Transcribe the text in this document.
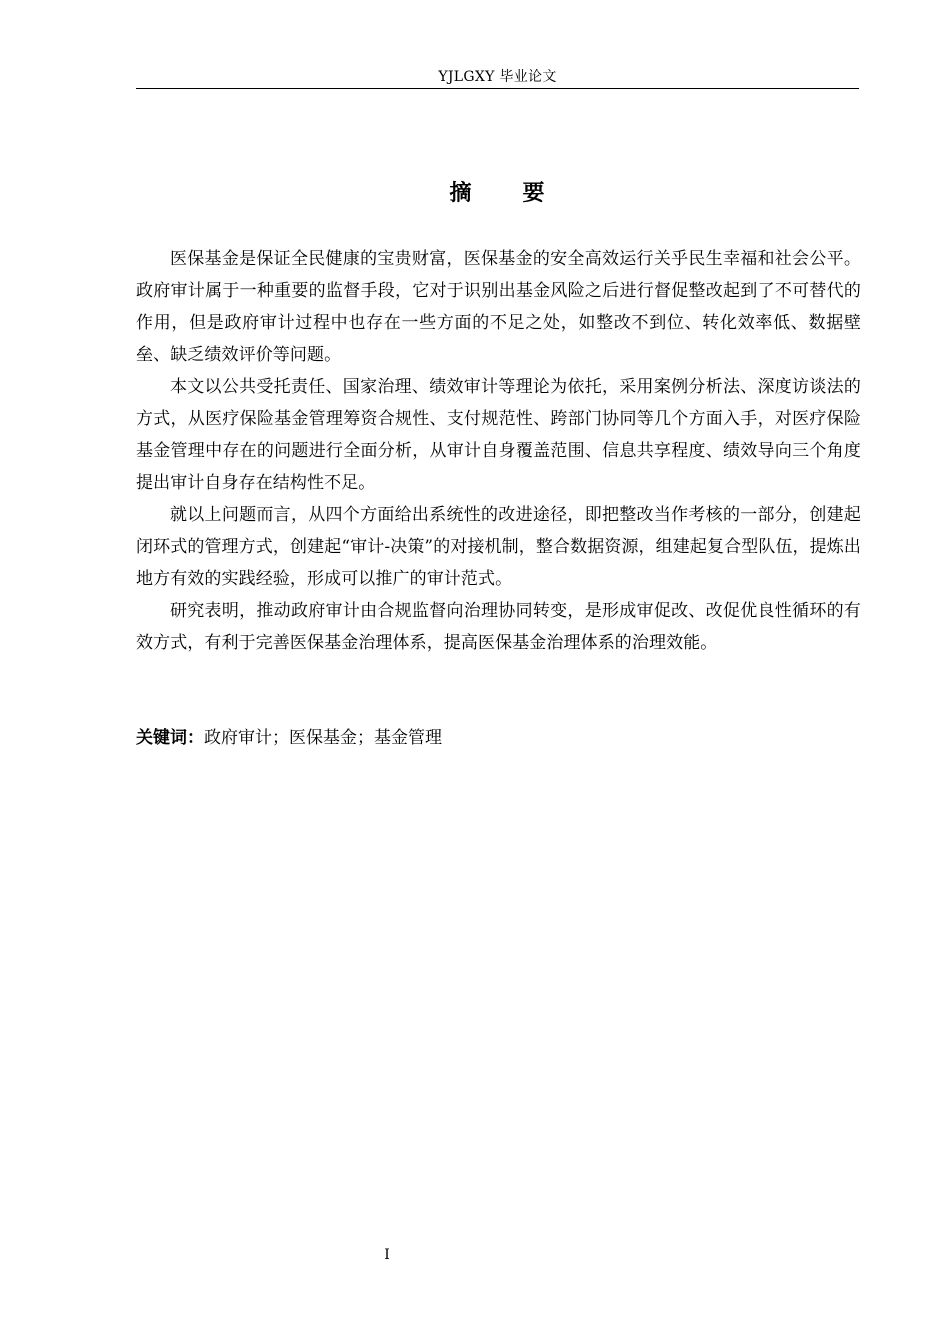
YJLGXY 毕业论文
摘 要

医保基金是保证全民健康的宝贵财富，医保基金的安全高效运行关乎民生幸福和社会公平。政府审计属于一种重要的监督手段，它对于识别出基金风险之后进行督促整改起到了不可替代的作用，但是政府审计过程中也存在一些方面的不足之处，如整改不到位、转化效率低、数据壁垒、缺乏绩效评价等问题。

本文以公共受托责任、国家治理、绩效审计等理论为依托，采用案例分析法、深度访谈法的方式，从医疗保险基金管理筹资合规性、支付规范性、跨部门协同等几个方面入手，对医疗保险基金管理中存在的问题进行全面分析，从审计自身覆盖范围、信息共享程度、绩效导向三个角度提出审计自身存在结构性不足。

就以上问题而言，从四个方面给出系统性的改进途径，即把整改当作考核的一部分，创建起闭环式的管理方式，创建起“审计-决策”的对接机制，整合数据资源，组建起复合型队伍，提炼出地方有效的实践经验，形成可以推广的审计范式。

研究表明，推动政府审计由合规监督向治理协同转变，是形成审促改、改促优良性循环的有效方式，有利于完善医保基金治理体系，提高医保基金治理体系的治理效能。

关键词：政府审计；医保基金；基金管理
I
